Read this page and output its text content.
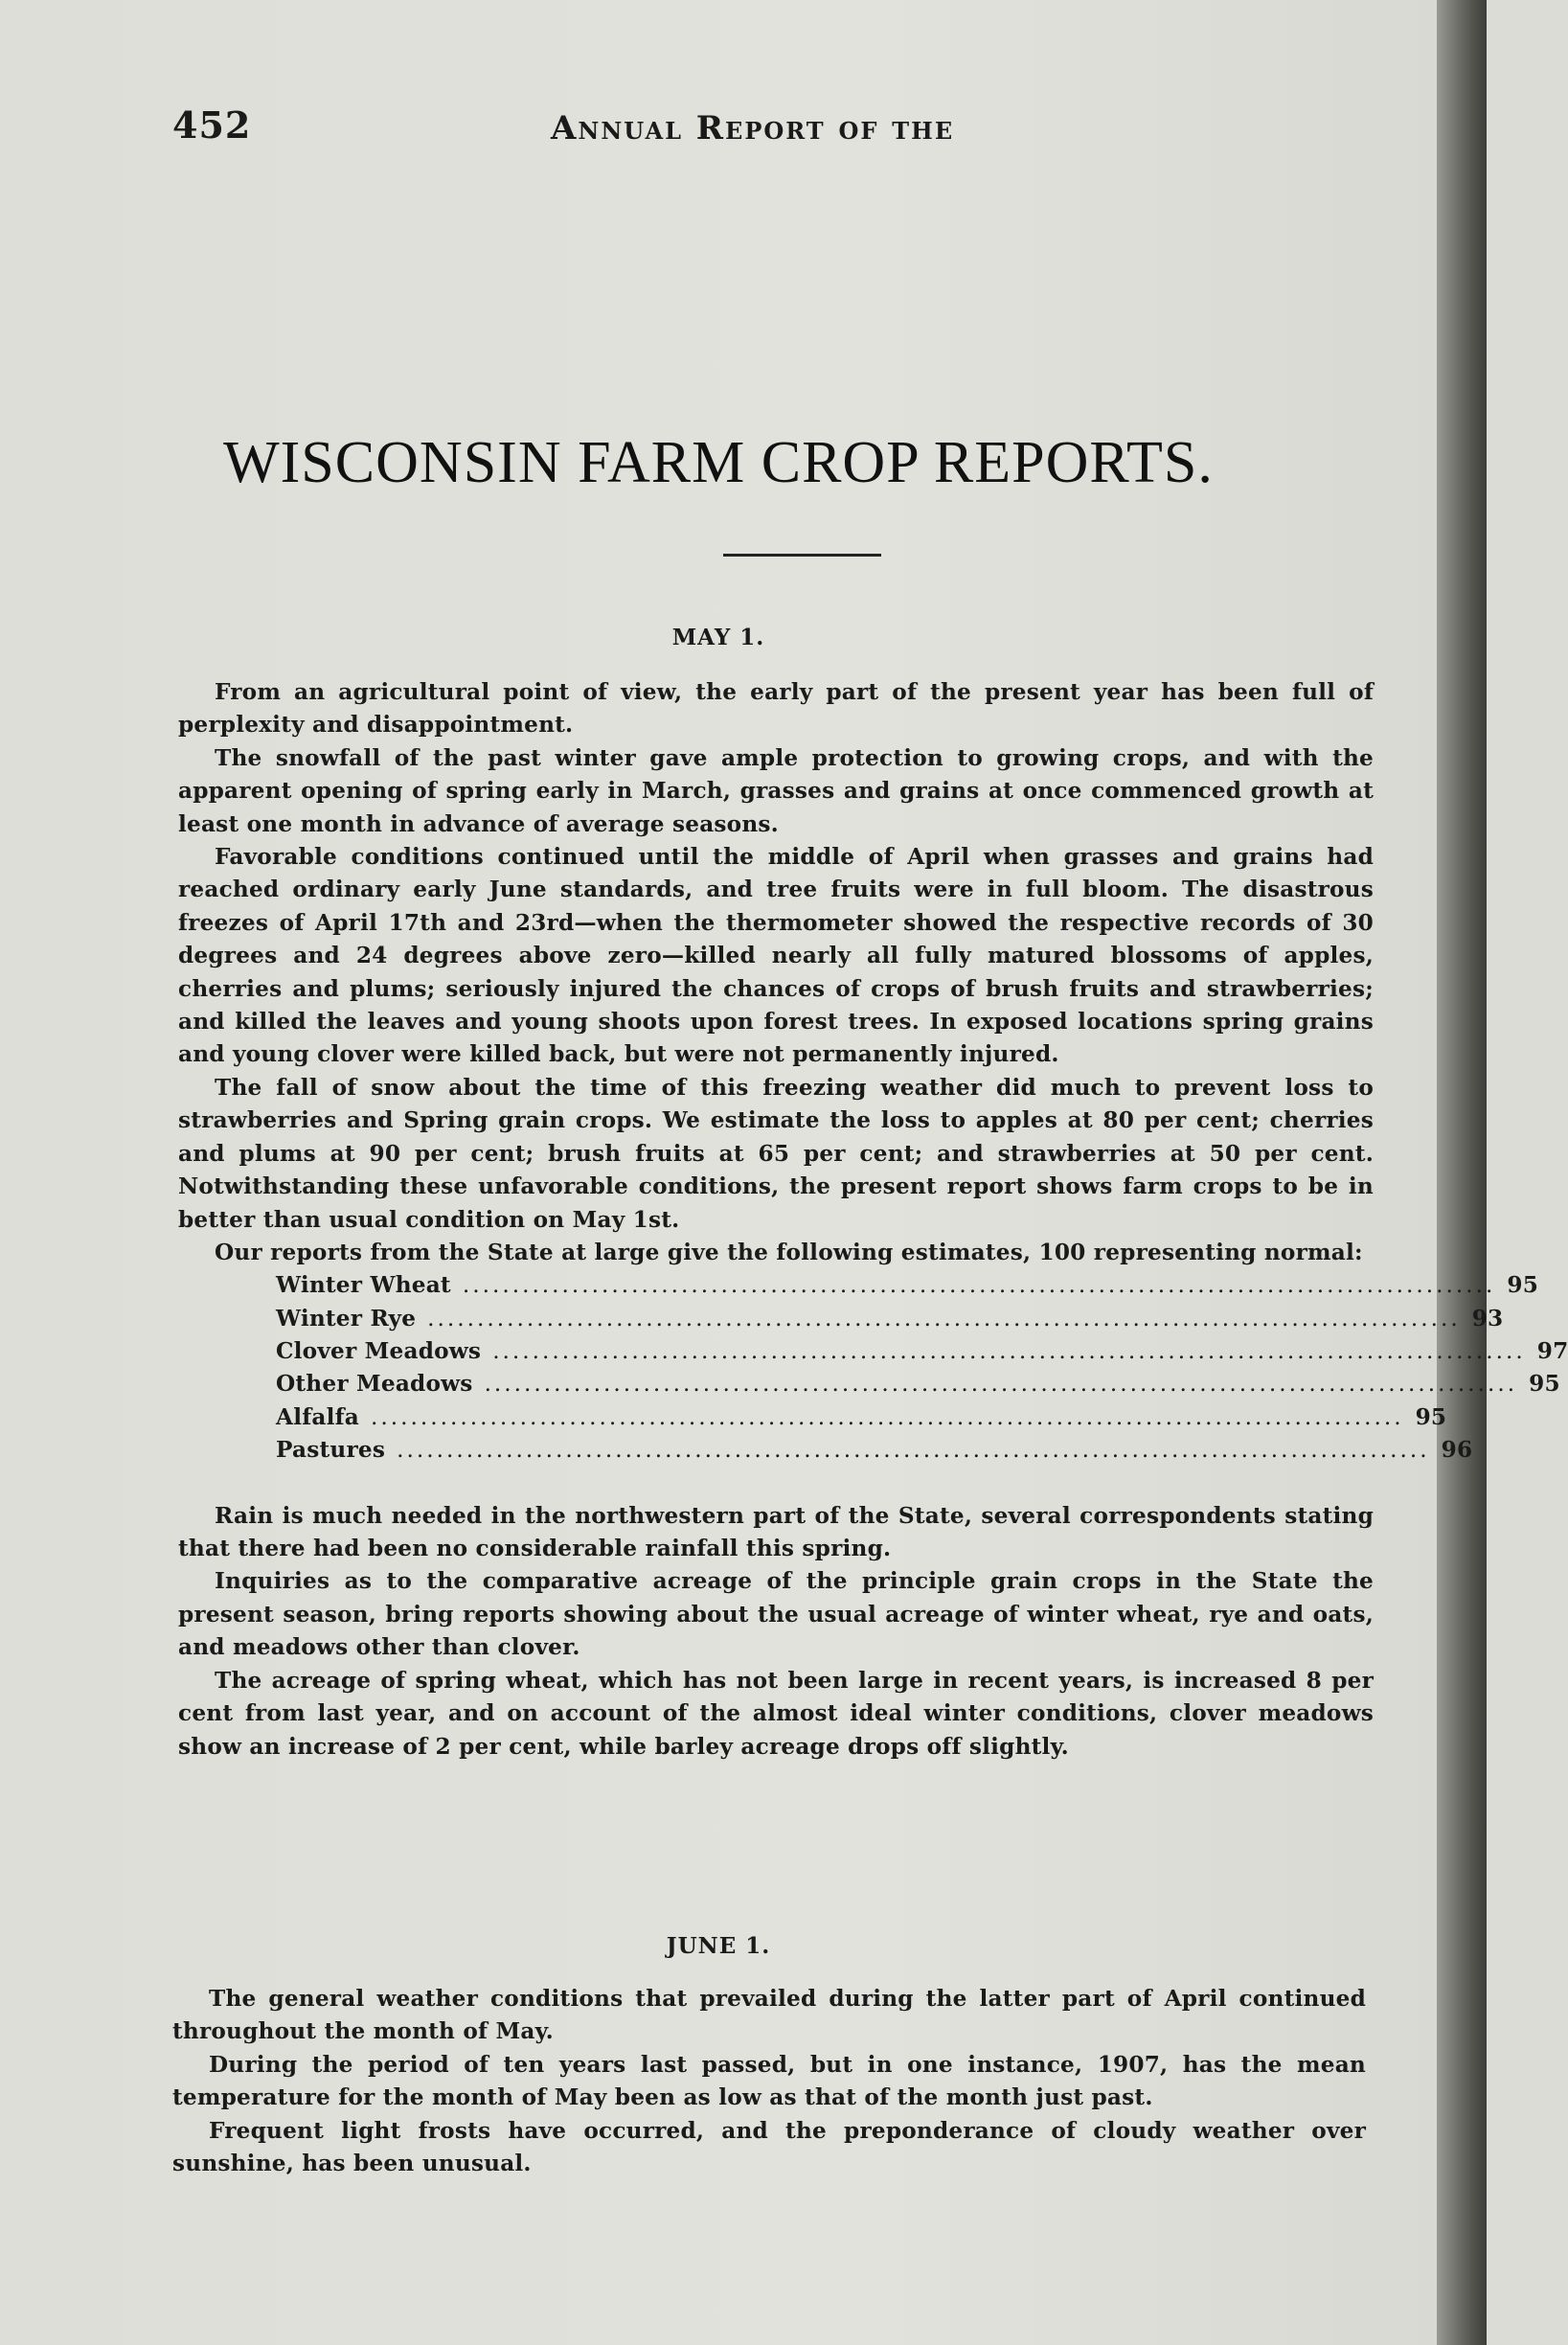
452	Annual Report of the
WISCONSIN FARM CROP REPORTS.
MAY 1.

From an agricultural point of view, the early part of the present year has been full of perplexity and disappointment.

The snowfall of the past winter gave ample protection to growing crops, and with the apparent opening of spring early in March, grasses and grains at once commenced growth at least one month in advance of average seasons.

Favorable conditions continued until the middle of April when grasses and grains had reached ordinary early June standards, and tree fruits were in full bloom. The disastrous freezes of April 17th and 23rd—when the thermometer showed the respective records of 30 degrees and 24 degrees above zero—killed nearly all fully matured blossoms of apples, cherries and plums; seriously injured the chances of crops of brush fruits and strawberries; and killed the leaves and young shoots upon forest trees. In exposed locations spring grains and young clover were killed back, but were not permanently injured.

The fall of snow about the time of this freezing weather did much to prevent loss to strawberries and Spring grain crops. We estimate the loss to apples at 80 per cent; cherries and plums at 90 per cent; brush fruits at 65 per cent; and strawberries at 50 per cent. Notwithstanding these unfavorable conditions, the present report shows farm crops to be in better than usual condition on May 1st.

Our reports from the State at large give the following estimates, 100 representing normal:

Winter Wheat ........................................................................................................ 95
Winter Rye ........................................................................................................ 93
Clover Meadows ........................................................................................................ 97
Other Meadows ........................................................................................................ 95
Alfalfa ........................................................................................................ 95
Pastures ........................................................................................................ 96

Rain is much needed in the northwestern part of the State, several correspondents stating that there had been no considerable rainfall this spring.

Inquiries as to the comparative acreage of the principle grain crops in the State the present season, bring reports showing about the usual acreage of winter wheat, rye and oats, and meadows other than clover.

The acreage of spring wheat, which has not been large in recent years, is increased 8 per cent from last year, and on account of the almost ideal winter conditions, clover meadows show an increase of 2 per cent, while barley acreage drops off slightly.

JUNE 1.

The general weather conditions that prevailed during the latter part of April continued throughout the month of May.

During the period of ten years last passed, but in one instance, 1907, has the mean temperature for the month of May been as low as that of the month just past.

Frequent light frosts have occurred, and the preponderance of cloudy weather over sunshine, has been unusual.
